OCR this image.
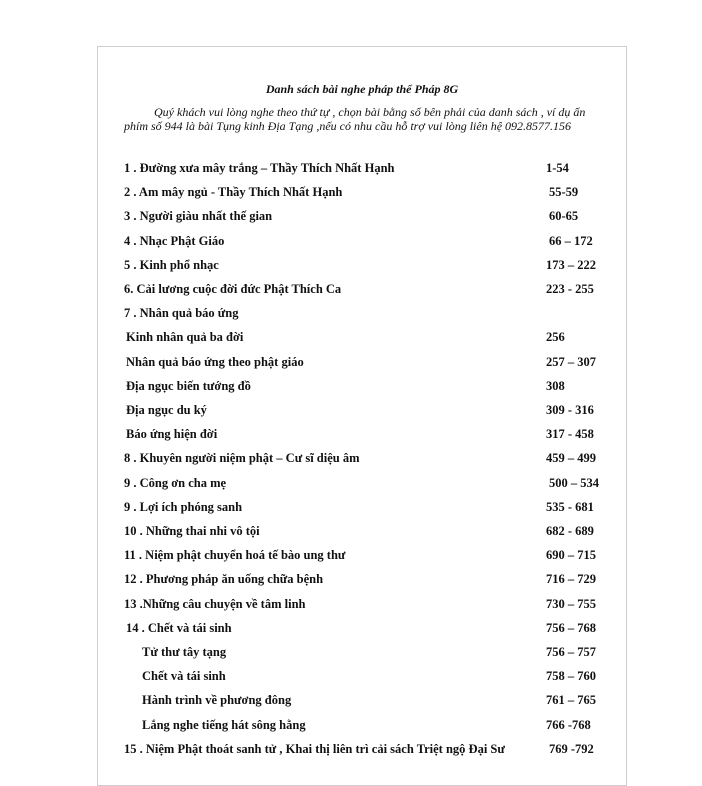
Danh sách bài nghe pháp thể Pháp 8G
Quý khách vui lòng nghe theo thứ tự , chọn bài bằng số bên phải của danh sách , ví dụ ấn phím số 944 là bài Tụng kinh Địa Tạng ,nếu có nhu cầu hỗ trợ vui lòng liên hệ 092.8577.156
1 . Đường xưa mây trắng – Thầy Thích Nhất Hạnh	1-54
2 . Am mây ngủ - Thầy Thích Nhất Hạnh	55-59
3 . Người giàu nhất thế gian	60-65
4 . Nhạc Phật Giáo	66 – 172
5 . Kinh phổ nhạc	173 – 222
6. Cải lương cuộc đời đức Phật Thích Ca	223 - 255
7 . Nhân quả báo ứng
Kinh nhân quả ba đời	256
Nhân quả báo ứng theo phật giáo	257 – 307
Địa ngục biến tướng đồ	308
Địa ngục du ký	309 - 316
Báo ứng hiện đời	317 - 458
8 . Khuyên người niệm phật – Cư sĩ diệu âm	459 – 499
9 . Công ơn cha mẹ	500 – 534
9 . Lợi ích phóng sanh	535 - 681
10 . Những thai nhi vô tội	682 - 689
11 . Niệm phật chuyển hoá tế bào ung thư	690 – 715
12 . Phương pháp ăn uống chữa bệnh	716 – 729
13 .Những câu chuyện về tâm linh	730 – 755
14 . Chết và tái sinh	756 – 768
Tử thư tây tạng	756 – 757
Chết và tái sinh	758 – 760
Hành trình về phương đông	761 – 765
Lắng nghe tiếng hát sông hằng	766 -768
15 . Niệm Phật thoát sanh tử , Khai thị liên trì cải sách Triệt ngộ Đại Sư	769 -792
